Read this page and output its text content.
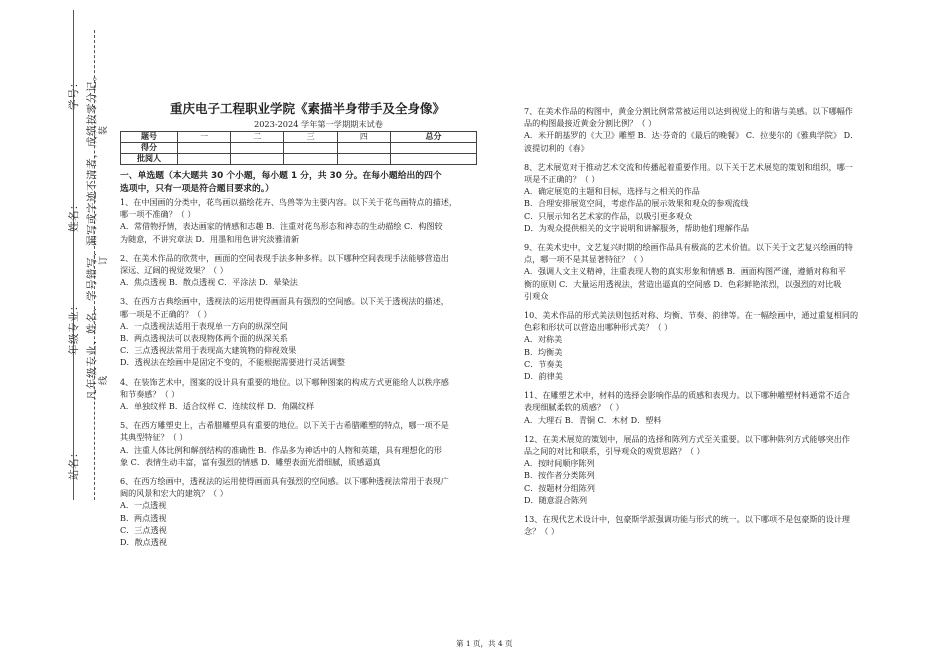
学号：
姓名：
年级专业：
站名：
凡年级专业、姓名、学号错写、漏写或字迹不清者，成绩按零分记。 装
订
线
重庆电子工程职业学院《素描半身带手及全身像》
2023-2024 学年第一学期期末试卷
题号	一	二	三	四	总分
得分					
批阅人					
一、单选题（本大题共 30 个小题，每小题 1 分，共 30 分。在每小题给出的四个
选项中，只有一项是符合题目要求的。）

1、在中国画的分类中，花鸟画以描绘花卉、鸟兽等为主要内容。以下关于花鸟画特点的描述，

哪一项不准确？（ ）

A．常借物抒情，表达画家的情感和志趣 B．注重对花鸟形态和神态的生动描绘 C．构图较

为随意，不讲究章法 D．用墨和用色讲究淡雅清新

2、在美术作品的欣赏中，画面的空间表现手法多种多样。以下哪种空间表现手法能够营造出

深远、辽阔的视觉效果？（ ）

A．焦点透视 B．散点透视 C．平涂法 D．晕染法

3、在西方古典绘画中，透视法的运用使得画面具有强烈的空间感。以下关于透视法的描述，

哪一项是不正确的？（ ）

A．一点透视法适用于表现单一方向的纵深空间

B．两点透视法可以表现物体两个面的纵深关系

C．三点透视法常用于表现高大建筑物的仰视效果

D．透视法在绘画中是固定不变的，不能根据需要进行灵活调整

4、在装饰艺术中，图案的设计具有重要的地位。以下哪种图案的构成方式更能给人以秩序感

和节奏感？（ ）

A．单独纹样 B．适合纹样 C．连续纹样 D．角隅纹样

5、在西方雕塑史上，古希腊雕塑具有重要的地位。以下关于古希腊雕塑的特点，哪一项不是

其典型特征？（ ）

A．注重人体比例和解剖结构的准确性 B．作品多为神话中的人物和英雄，具有理想化的形

象 C．表情生动丰富，富有强烈的情感 D．雕塑表面光滑细腻，质感逼真

6、在西方绘画中，透视法的运用使得画面具有强烈的空间感。以下哪种透视法常用于表现广

阔的风景和宏大的建筑？（ ）

A．一点透视

B．两点透视

C．三点透视

D．散点透视

7、在美术作品的构图中，黄金分割比例常常被运用以达到视觉上的和谐与美感。以下哪幅作

品的构图最接近黄金分割比例？（ ）

A．米开朗基罗的《大卫》雕塑 B．达·芬奇的《最后的晚餐》 C．拉斐尔的《雅典学院》 D．

波提切利的《春》

8、艺术展览对于推动艺术交流和传播起着重要作用。以下关于艺术展览的策划和组织，哪一

项是不正确的？（ ）

A．确定展览的主题和目标，选择与之相关的作品

B．合理安排展览空间，考虑作品的展示效果和观众的参观流线

C．只展示知名艺术家的作品，以吸引更多观众

D．为观众提供相关的文字说明和讲解服务，帮助他们理解作品

9、在美术史中，文艺复兴时期的绘画作品具有极高的艺术价值。以下关于文艺复兴绘画的特

点，哪一项不是其显著特征？（ ）

A．强调人文主义精神，注重表现人物的真实形象和情感 B．画面构图严谨，遵循对称和平

衡的原则 C．大量运用透视法，营造出逼真的空间感 D．色彩鲜艳浓烈，以强烈的对比吸

引观众

10、美术作品的形式美法则包括对称、均衡、节奏、韵律等。在一幅绘画中，通过重复相同的

色彩和形状可以营造出哪种形式美？（ ）

A．对称美

B．均衡美

C．节奏美

D．韵律美

11、在雕塑艺术中，材料的选择会影响作品的质感和表现力。以下哪种雕塑材料通常不适合

表现细腻柔软的质感？（ ）

A．大理石 B．青铜 C．木材 D．塑料

12、在美术展览的策划中，展品的选择和陈列方式至关重要。以下哪种陈列方式能够突出作

品之间的对比和联系，引导观众的观赏思路？（ ）

A．按时间顺序陈列

B．按作者分类陈列

C．按题材分组陈列

D．随意混合陈列

13、在现代艺术设计中，包豪斯学派强调功能与形式的统一。以下哪项不是包豪斯的设计理

念？（ ）

第 1 页，共 4 页
